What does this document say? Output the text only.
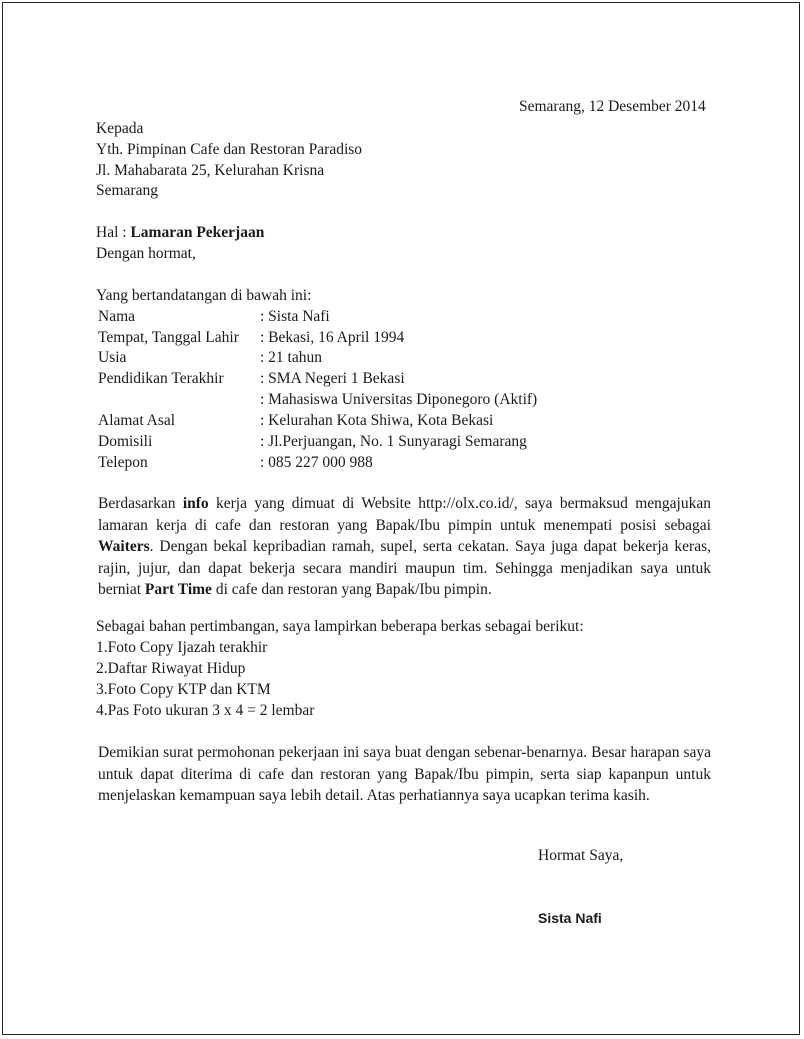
Semarang, 12 Desember 2014
Kepada
Yth. Pimpinan Cafe dan Restoran Paradiso
Jl. Mahabarata 25, Kelurahan Krisna
Semarang
Hal : Lamaran Pekerjaan
Dengan hormat,
Yang bertandatangan di bawah ini:
Nama	: Sista Nafi
Tempat, Tanggal Lahir : Bekasi, 16 April 1994
Usia	: 21 tahun
Pendidikan Terakhir : SMA Negeri 1 Bekasi
: Mahasiswa Universitas Diponegoro (Aktif)
Alamat Asal	: Kelurahan Kota Shiwa, Kota Bekasi
Domisili	: Jl.Perjuangan, No. 1 Sunyaragi Semarang
Telepon	: 085 227 000 988
Berdasarkan info kerja yang dimuat di Website http://olx.co.id/, saya bermaksud mengajukan lamaran kerja di cafe dan restoran yang Bapak/Ibu pimpin untuk menempati posisi sebagai Waiters. Dengan bekal kepribadian ramah, supel, serta cekatan. Saya juga dapat bekerja keras, rajin, jujur, dan dapat bekerja secara mandiri maupun tim. Sehingga menjadikan saya untuk berniat Part Time di cafe dan restoran yang Bapak/Ibu pimpin.
Sebagai bahan pertimbangan, saya lampirkan beberapa berkas sebagai berikut:
1.Foto Copy Ijazah terakhir
2.Daftar Riwayat Hidup
3.Foto Copy KTP dan KTM
4.Pas Foto ukuran 3 x 4 = 2 lembar
Demikian surat permohonan pekerjaan ini saya buat dengan sebenar-benarnya. Besar harapan saya untuk dapat diterima di cafe dan restoran yang Bapak/Ibu pimpin, serta siap kapanpun untuk menjelaskan kemampuan saya lebih detail. Atas perhatiannya saya ucapkan terima kasih.
Hormat Saya,
Sista Nafi
